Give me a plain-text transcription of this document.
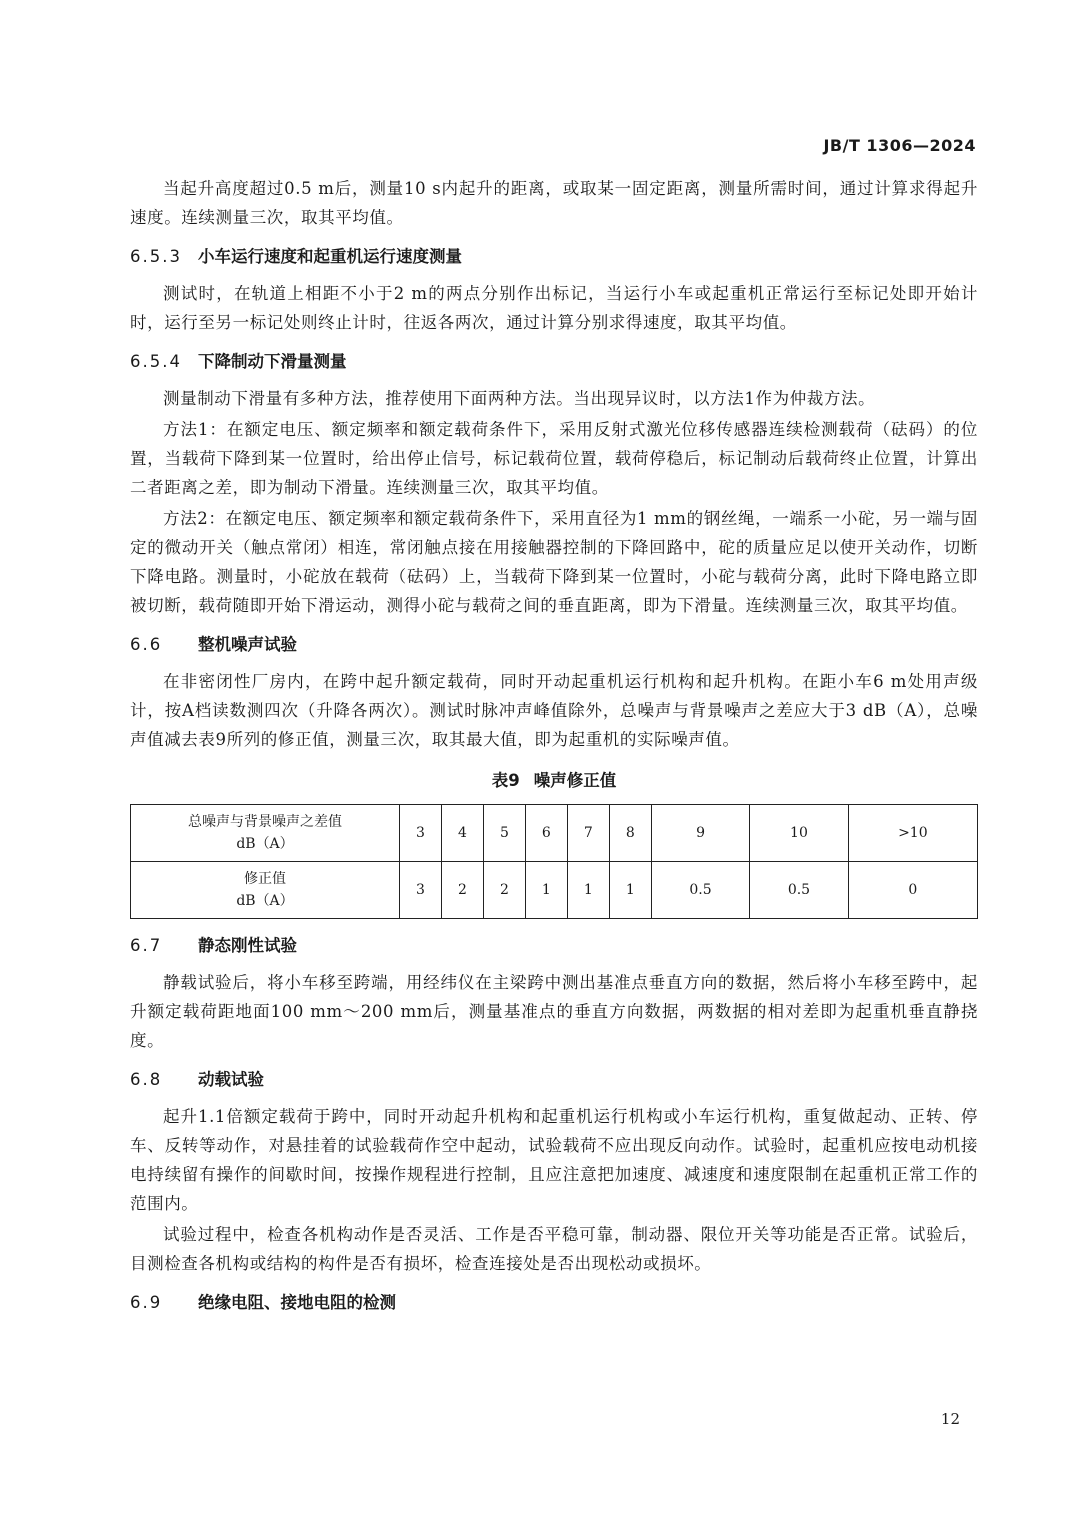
JB/T 1306—2024

当起升高度超过0.5 m后，测量10 s内起升的距离，或取某一固定距离，测量所需时间，通过计算求得起升速度。连续测量三次，取其平均值。

6.5.3 小车运行速度和起重机运行速度测量

测试时，在轨道上相距不小于2 m的两点分别作出标记，当运行小车或起重机正常运行至标记处即开始计时，运行至另一标记处则终止计时，往返各两次，通过计算分别求得速度，取其平均值。

6.5.4 下降制动下滑量测量

测量制动下滑量有多种方法，推荐使用下面两种方法。当出现异议时，以方法1作为仲裁方法。

方法1：在额定电压、额定频率和额定载荷条件下，采用反射式激光位移传感器连续检测载荷（砝码）的位置，当载荷下降到某一位置时，给出停止信号，标记载荷位置，载荷停稳后，标记制动后载荷终止位置，计算出二者距离之差，即为制动下滑量。连续测量三次，取其平均值。

方法2：在额定电压、额定频率和额定载荷条件下，采用直径为1 mm的钢丝绳，一端系一小砣，另一端与固定的微动开关（触点常闭）相连，常闭触点接在用接触器控制的下降回路中，砣的质量应足以使开关动作，切断下降电路。测量时，小砣放在载荷（砝码）上，当载荷下降到某一位置时，小砣与载荷分离，此时下降电路立即被切断，载荷随即开始下滑运动，测得小砣与载荷之间的垂直距离，即为下滑量。连续测量三次，取其平均值。

6.6 整机噪声试验

在非密闭性厂房内，在跨中起升额定载荷，同时开动起重机运行机构和起升机构。在距小车6 m处用声级计，按A档读数测四次（升降各两次）。测试时脉冲声峰值除外，总噪声与背景噪声之差应大于3 dB（A），总噪声值减去表9所列的修正值，测量三次，取其最大值，即为起重机的实际噪声值。

表9 噪声修正值
总噪声与背景噪声之差值
dB（A）	3	4	5	6	7	8	9	10	>10

修正值
dB（A）	3	2	2	1	1	1	0.5	0.5	0
6.7 静态刚性试验

静载试验后，将小车移至跨端，用经纬仪在主梁跨中测出基准点垂直方向的数据，然后将小车移至跨中，起升额定载荷距地面100 mm～200 mm后，测量基准点的垂直方向数据，两数据的相对差即为起重机垂直静挠度。

6.8 动载试验

起升1.1倍额定载荷于跨中，同时开动起升机构和起重机运行机构或小车运行机构，重复做起动、正转、停车、反转等动作，对悬挂着的试验载荷作空中起动，试验载荷不应出现反向动作。试验时，起重机应按电动机接电持续留有操作的间歇时间，按操作规程进行控制，且应注意把加速度、减速度和速度限制在起重机正常工作的范围内。

试验过程中，检查各机构动作是否灵活、工作是否平稳可靠，制动器、限位开关等功能是否正常。试验后，目测检查各机构或结构的构件是否有损坏，检查连接处是否出现松动或损坏。

6.9 绝缘电阻、接地电阻的检测
12
